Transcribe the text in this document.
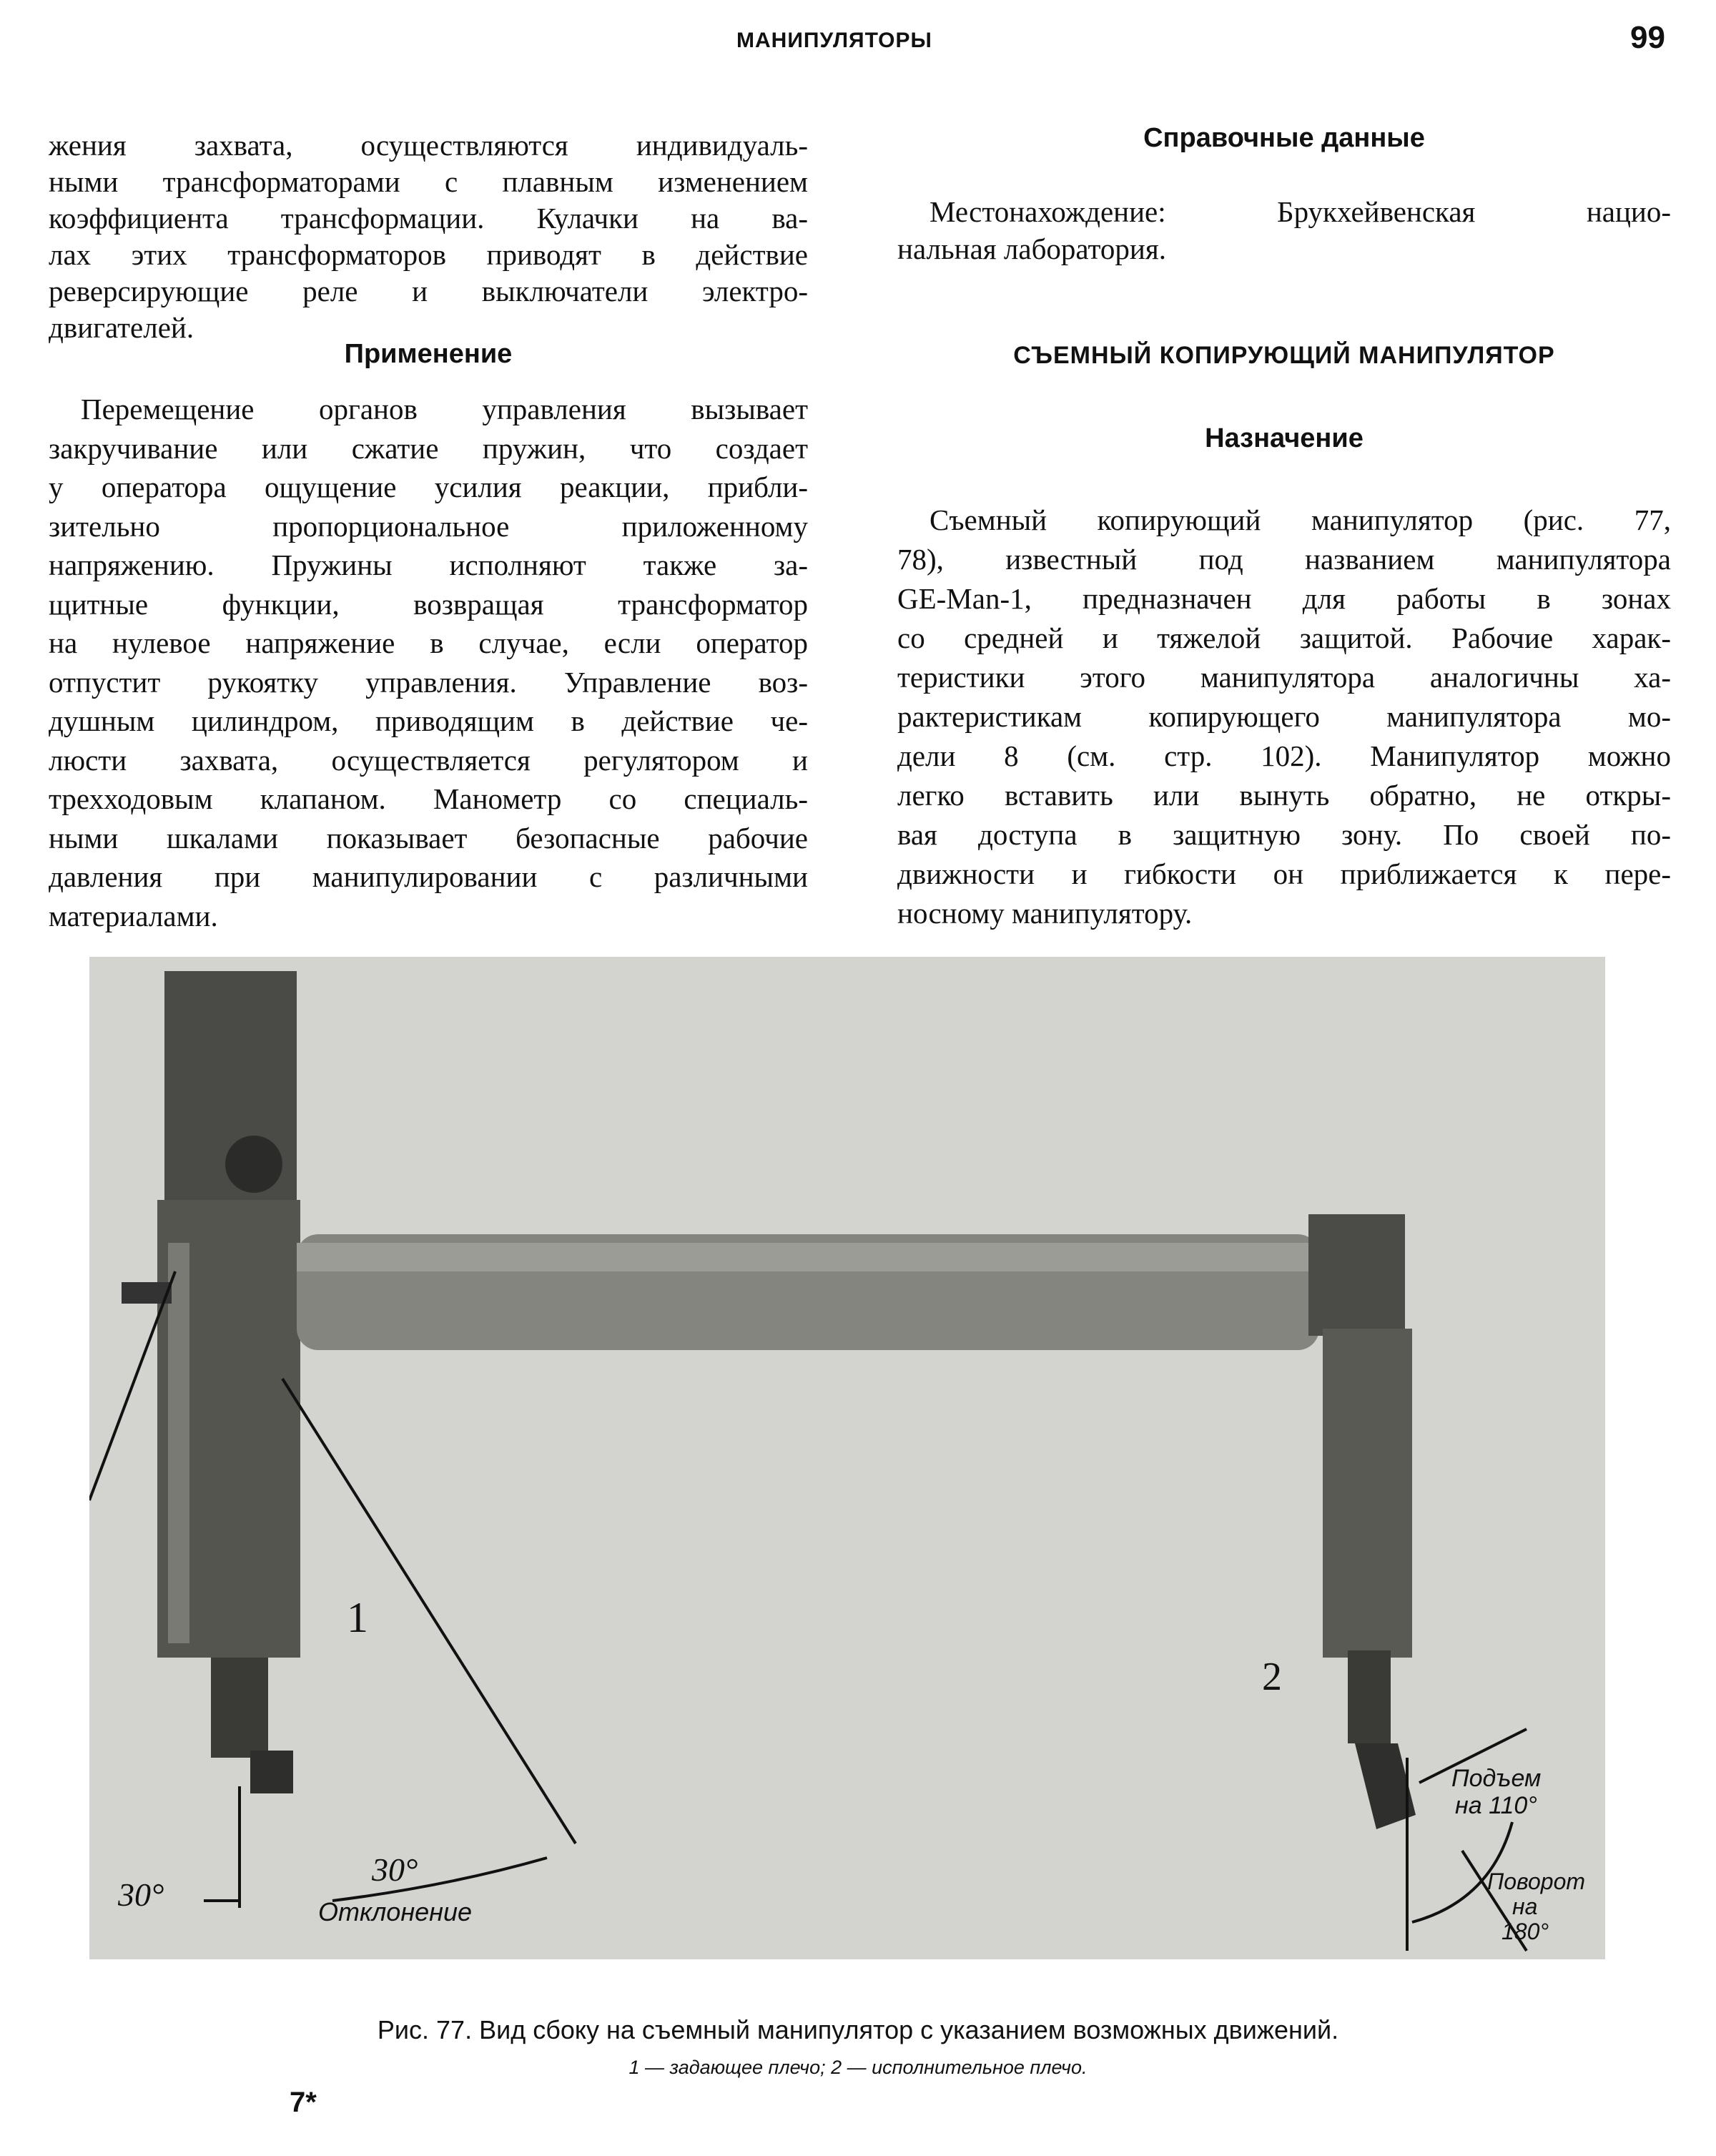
МАНИПУЛЯТОРЫ	99
жения захвата, осуществляются индивидуаль-
ными трансформаторами с плавным изменением
коэффициента трансформации. Кулачки на ва-
лах этих трансформаторов приводят в действие
реверсирующие реле и выключатели электро-
двигателей.
Применение
Перемещение органов управления вызывает
закручивание или сжатие пружин, что создает
у оператора ощущение усилия реакции, прибли-
зительно пропорциональное приложенному
напряжению. Пружины исполняют также за-
щитные функции, возвращая трансформатор
на нулевое напряжение в случае, если оператор
отпустит рукоятку управления. Управление воз-
душным цилиндром, приводящим в действие че-
люсти захвата, осуществляется регулятором и
трехходовым клапаном. Манометр со специаль-
ными шкалами показывает безопасные рабочие
давления при манипулировании с различными
материалами.
Справочные данные
Местонахождение: Брукхейвенская нацио-
нальная лаборатория.
СЪЕМНЫЙ КОПИРУЮЩИЙ МАНИПУЛЯТОР
Назначение
Съемный копирующий манипулятор (рис. 77,
78), известный под названием манипулятора
GE-Man-1, предназначен для работы в зонах
со средней и тяжелой защитой. Рабочие харак-
теристики этого манипулятора аналогичны ха-
рактеристикам копирующего манипулятора мо-
дели 8 (см. стр. 102). Манипулятор можно
легко вставить или вынуть обратно, не откры-
вая доступа в защитную зону. По своей по-
движности и гибкости он приближается к пере-
носному манипулятору.
1
2
30°
30°
Отклонение
Подъем
на 110°
Поворот
на
180°
Рис. 77. Вид сбоку на съемный манипулятор с указанием возможных движений.
1 — задающее плечо; 2 — исполнительное плечо.
7*
